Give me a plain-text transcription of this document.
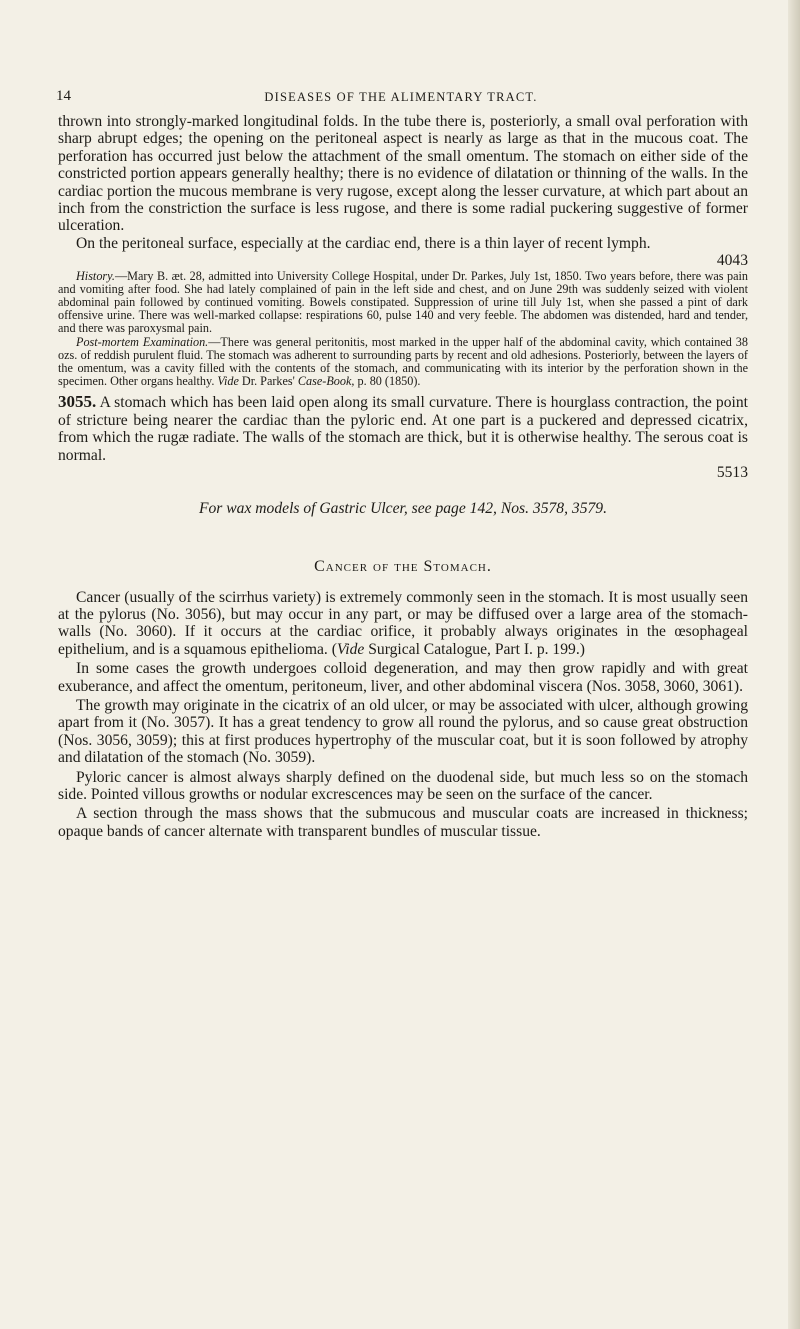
14	DISEASES OF THE ALIMENTARY TRACT.

thrown into strongly-marked longitudinal folds. In the tube there is, posteriorly, a small oval perforation with sharp abrupt edges; the opening on the peritoneal aspect is nearly as large as that in the mucous coat. The perforation has occurred just below the attachment of the small omentum. The stomach on either side of the constricted portion appears generally healthy; there is no evidence of dilatation or thinning of the walls. In the cardiac portion the mucous membrane is very rugose, except along the lesser curvature, at which part about an inch from the constriction the surface is less rugose, and there is some radial puckering suggestive of former ulceration.

On the peritoneal surface, especially at the cardiac end, there is a thin layer of recent lymph.
4043

History.—Mary B. æt. 28, admitted into University College Hospital, under Dr. Parkes, July 1st, 1850. Two years before, there was pain and vomiting after food. She had lately complained of pain in the left side and chest, and on June 29th was suddenly seized with violent abdominal pain followed by continued vomiting. Bowels constipated. Suppression of urine till July 1st, when she passed a pint of dark offensive urine. There was well-marked collapse: respirations 60, pulse 140 and very feeble. The abdomen was distended, hard and tender, and there was paroxysmal pain.

Post-mortem Examination.—There was general peritonitis, most marked in the upper half of the abdominal cavity, which contained 38 ozs. of reddish purulent fluid. The stomach was adherent to surrounding parts by recent and old adhesions. Posteriorly, between the layers of the omentum, was a cavity filled with the contents of the stomach, and communicating with its interior by the perforation shown in the specimen. Other organs healthy. Vide Dr. Parkes' Case-Book, p. 80 (1850).

3055. A stomach which has been laid open along its small curvature. There is hourglass contraction, the point of stricture being nearer the cardiac than the pyloric end. At one part is a puckered and depressed cicatrix, from which the rugæ radiate. The walls of the stomach are thick, but it is otherwise healthy. The serous coat is normal.
5513

For wax models of Gastric Ulcer, see page 142, Nos. 3578, 3579.

Cancer of the Stomach.

Cancer (usually of the scirrhus variety) is extremely commonly seen in the stomach. It is most usually seen at the pylorus (No. 3056), but may occur in any part, or may be diffused over a large area of the stomach-walls (No. 3060). If it occurs at the cardiac orifice, it probably always originates in the œsophageal epithelium, and is a squamous epithelioma. (Vide Surgical Catalogue, Part I. p. 199.)

In some cases the growth undergoes colloid degeneration, and may then grow rapidly and with great exuberance, and affect the omentum, peritoneum, liver, and other abdominal viscera (Nos. 3058, 3060, 3061).

The growth may originate in the cicatrix of an old ulcer, or may be associated with ulcer, although growing apart from it (No. 3057). It has a great tendency to grow all round the pylorus, and so cause great obstruction (Nos. 3056, 3059); this at first produces hypertrophy of the muscular coat, but it is soon followed by atrophy and dilatation of the stomach (No. 3059).

Pyloric cancer is almost always sharply defined on the duodenal side, but much less so on the stomach side. Pointed villous growths or nodular excrescences may be seen on the surface of the cancer.

A section through the mass shows that the submucous and muscular coats are increased in thickness; opaque bands of cancer alternate with transparent bundles of muscular tissue.
